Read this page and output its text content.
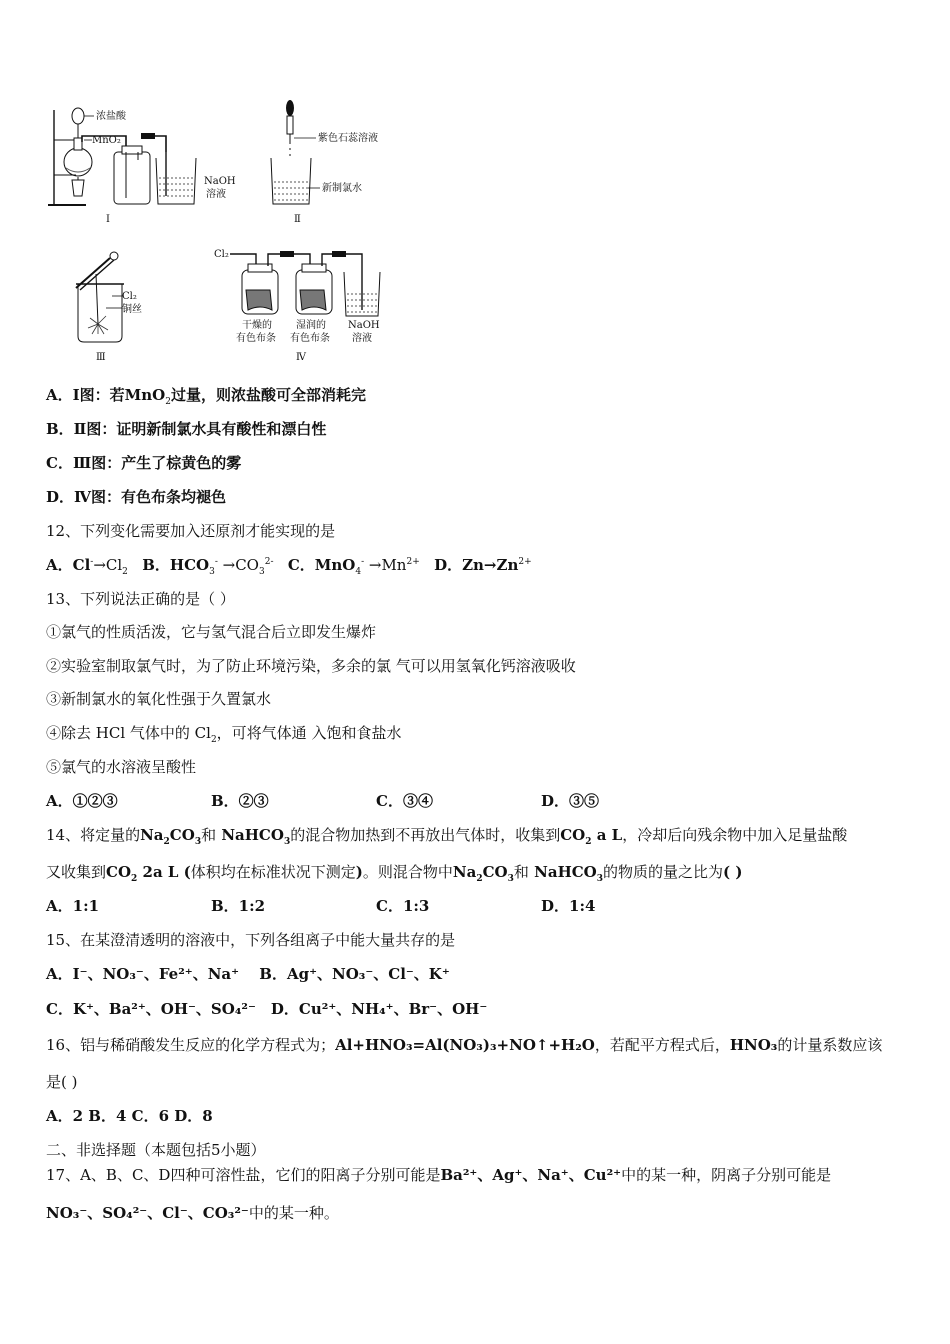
浓盐酸
MnO₂
NaOH
溶液
Ⅰ
紫色石蕊溶液
新制氯水
Ⅱ
Cl₂
铜丝
Ⅲ
Cl₂
干燥的
有色布条
湿润的
有色布条
NaOH
溶液
Ⅳ
A．Ⅰ图：若MnO$_2$过量，则浓盐酸可全部消耗完
B．Ⅱ图：证明新制氯水具有酸性和漂白性
C．Ⅲ图：产生了棕黄色的雾
D．Ⅳ图：有色布条均褪色
12、下列变化需要加入还原剂才能实现的是
A．$Cl^-\to Cl_2$ B．$HCO_3^- \to CO_3^{2-}$ C．$MnO_4^- \to Mn^{2+}$ D．$Zn\to Zn^{2+}$
13、下列说法正确的是（ ）
①氯气的性质活泼，它与氢气混合后立即发生爆炸
②实验室制取氯气时，为了防止环境污染，多余的氯 气可以用氢氧化钙溶液吸收
③新制氯水的氧化性强于久置氯水
④除去 HCl 气体中的 $Cl_2$，可将气体通 入饱和食盐水
⑤氯气的水溶液呈酸性
A．①②③	B．②③	C．③④	D．③⑤
14、将定量的$Na_2CO_3$和 NaHCO$_3$的混合物加热到不再放出气体时，收集到$CO_2$ a L，冷却后向残余物中加入足量盐酸
又收集到$CO_2$ 2a L (体积均在标准状况下测定)。则混合物中$Na_2CO_3$和 NaHCO$_3$的物质的量之比为( )
A．1:1	B．1:2	C．1:3	D．1:4
15、在某澄清透明的溶液中，下列各组离子中能大量共存的是
A．I⁻、NO₃⁻、Fe²⁺、Na⁺　 B．Ag⁺、NO₃⁻、Cl⁻、K⁺
C．K⁺、Ba²⁺、OH⁻、SO₄²⁻　D．Cu²⁺、NH₄⁺、Br⁻、OH⁻
16、铝与稀硝酸发生反应的化学方程式为；Al+HNO₃=Al(NO₃)₃+NO↑+H₂O，若配平方程式后，HNO₃的计量系数应该
是( )
A．2 B．4 C．6 D．8
二、非选择题（本题包括5小题）
17、A、B、C、D四种可溶性盐，它们的阳离子分别可能是Ba²⁺、Ag⁺、Na⁺、Cu²⁺中的某一种，阴离子分别可能是
NO₃⁻、SO₄²⁻、Cl⁻、CO₃²⁻中的某一种。
